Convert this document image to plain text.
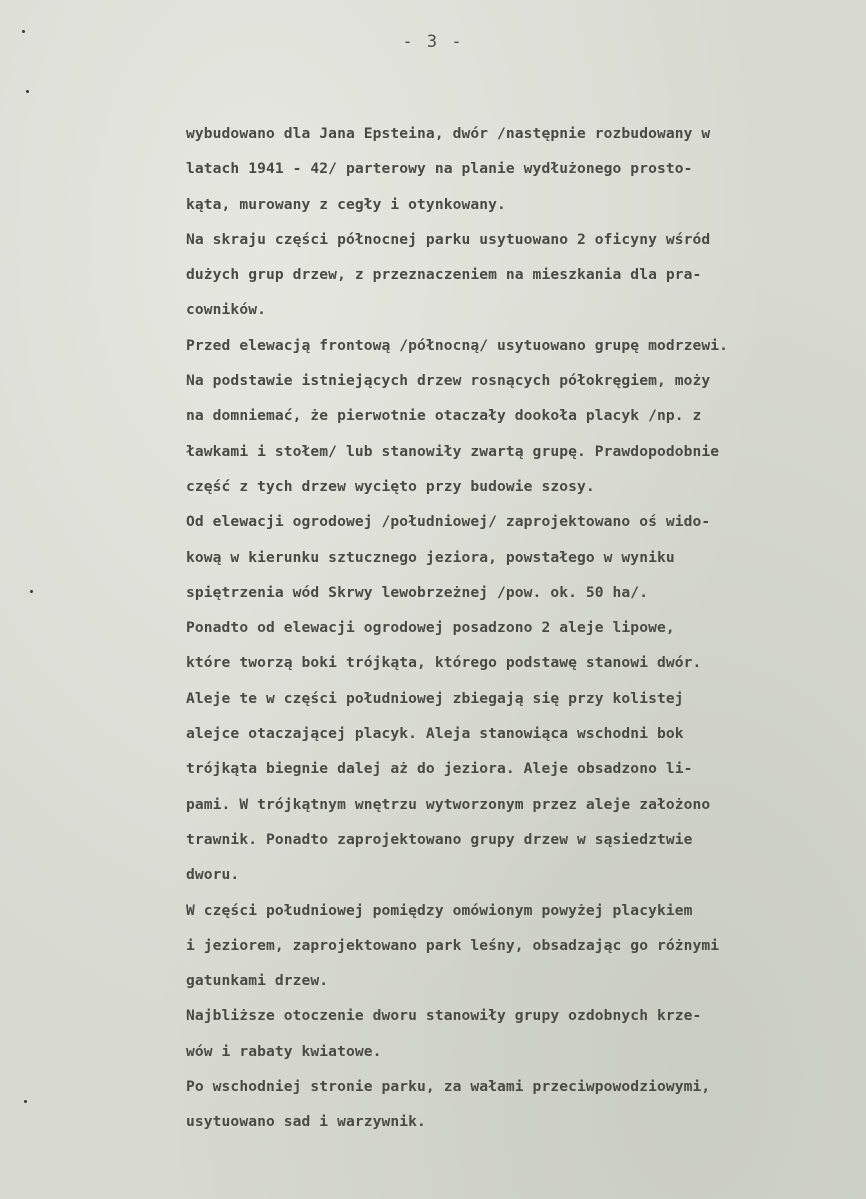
- 3 -
wybudowano dla Jana Epsteina, dwór /następnie rozbudowany w
latach 1941 - 42/ parterowy na planie wydłużonego prosto-
kąta, murowany z cegły i otynkowany.
Na skraju części północnej parku usytuowano 2 oficyny wśród
dużych grup drzew, z przeznaczeniem na mieszkania dla pra-
cowników.
Przed elewacją frontową /północną/ usytuowano grupę modrzewi.
Na podstawie istniejących drzew rosnących półokręgiem, moży
na domniemać, że pierwotnie otaczały dookoła placyk /np. z
ławkami i stołem/ lub stanowiły zwartą grupę. Prawdopodobnie
część z tych drzew wycięto przy budowie szosy.
Od elewacji ogrodowej /południowej/ zaprojektowano oś wido-
kową w kierunku sztucznego jeziora, powstałego w wyniku
spiętrzenia wód Skrwy lewobrzeżnej /pow. ok. 50 ha/.
Ponadto od elewacji ogrodowej posadzono 2 aleje lipowe,
które tworzą boki trójkąta, którego podstawę stanowi dwór.
Aleje te w części południowej zbiegają się przy kolistej
alejce otaczającej placyk. Aleja stanowiąca wschodni bok
trójkąta biegnie dalej aż do jeziora. Aleje obsadzono li-
pami. W trójkątnym wnętrzu wytworzonym przez aleje założono
trawnik. Ponadto zaprojektowano grupy drzew w sąsiedztwie
dworu.
W części południowej pomiędzy omówionym powyżej placykiem
i jeziorem, zaprojektowano park leśny, obsadzając go różnymi
gatunkami drzew.
Najbliższe otoczenie dworu stanowiły grupy ozdobnych krze-
wów i rabaty kwiatowe.
Po wschodniej stronie parku, za wałami przeciwpowodziowymi,
usytuowano sad i warzywnik.
